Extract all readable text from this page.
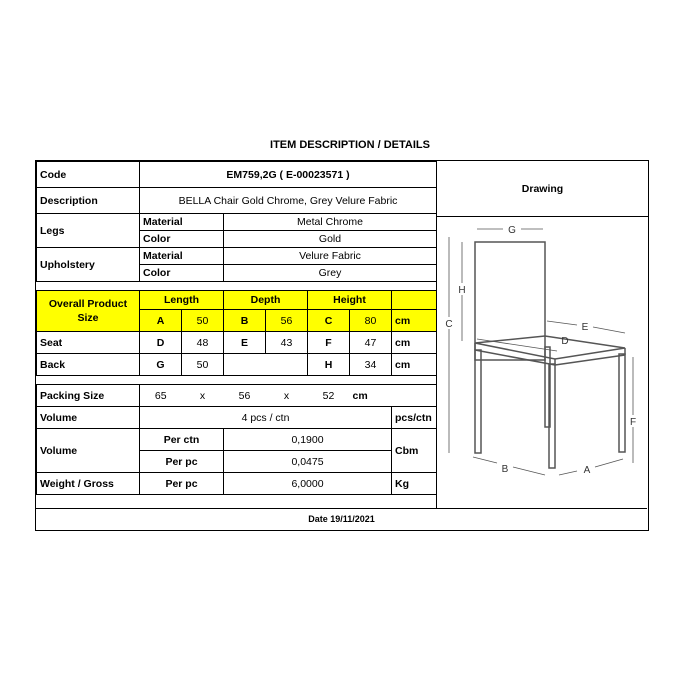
ITEM DESCRIPTION / DETAILS
Code	EM759,2G ( E-00023571 )						
Description	BELLA Chair Gold Chrome, Grey Velure Fabric						
Legs	Material		Metal Chrome				
	Color		Gold				
Upholstery	Material		Velure Fabric				
	Color		Grey				

Overall Product Size	Length		Depth		Height		
	A	50	B	56	C	80	cm
Seat	D	48	E	43	F	47	cm
Back	G	50			H	34	cm

Packing Size	65	x	56	x	52	cm	
Volume	4 pcs / ctn						pcs/ctn
Volume	Per ctn		0,1900				Cbm
	Per pc		0,0475				
Weight / Gross	Per pc		6,0000				Kg
Drawing
G
H
C	E
D
F
B	A
Date 19/11/2021
